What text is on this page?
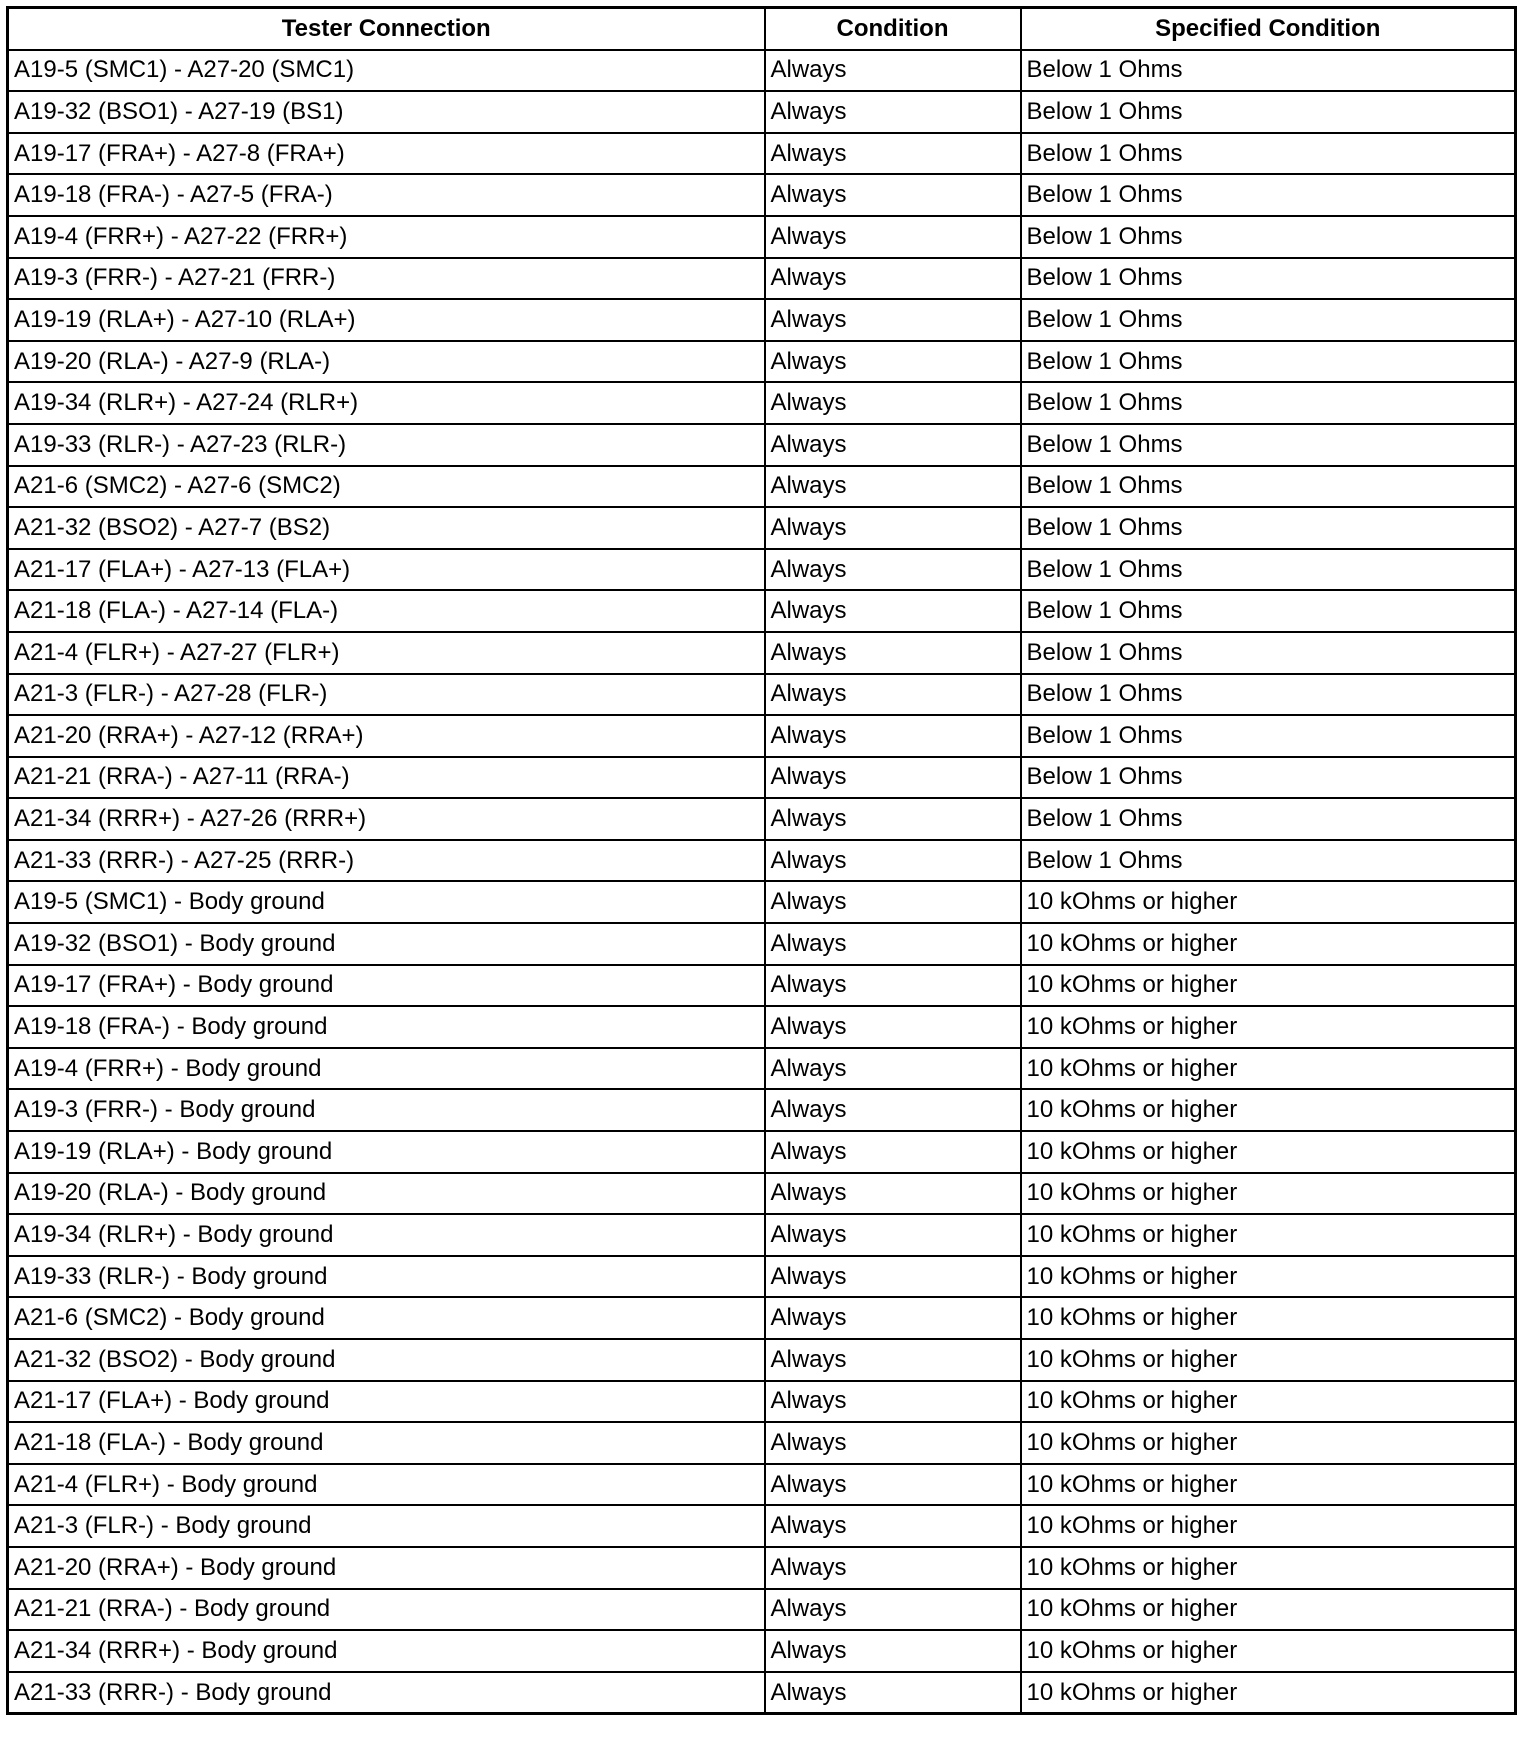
Tester Connection	Condition	Specified Condition
A19-5 (SMC1) - A27-20 (SMC1)	Always	Below 1 Ohms
A19-32 (BSO1) - A27-19 (BS1)	Always	Below 1 Ohms
A19-17 (FRA+) - A27-8 (FRA+)	Always	Below 1 Ohms
A19-18 (FRA-) - A27-5 (FRA-)	Always	Below 1 Ohms
A19-4 (FRR+) - A27-22 (FRR+)	Always	Below 1 Ohms
A19-3 (FRR-) - A27-21 (FRR-)	Always	Below 1 Ohms
A19-19 (RLA+) - A27-10 (RLA+)	Always	Below 1 Ohms
A19-20 (RLA-) - A27-9 (RLA-)	Always	Below 1 Ohms
A19-34 (RLR+) - A27-24 (RLR+)	Always	Below 1 Ohms
A19-33 (RLR-) - A27-23 (RLR-)	Always	Below 1 Ohms
A21-6 (SMC2) - A27-6 (SMC2)	Always	Below 1 Ohms
A21-32 (BSO2) - A27-7 (BS2)	Always	Below 1 Ohms
A21-17 (FLA+) - A27-13 (FLA+)	Always	Below 1 Ohms
A21-18 (FLA-) - A27-14 (FLA-)	Always	Below 1 Ohms
A21-4 (FLR+) - A27-27 (FLR+)	Always	Below 1 Ohms
A21-3 (FLR-) - A27-28 (FLR-)	Always	Below 1 Ohms
A21-20 (RRA+) - A27-12 (RRA+)	Always	Below 1 Ohms
A21-21 (RRA-) - A27-11 (RRA-)	Always	Below 1 Ohms
A21-34 (RRR+) - A27-26 (RRR+)	Always	Below 1 Ohms
A21-33 (RRR-) - A27-25 (RRR-)	Always	Below 1 Ohms
A19-5 (SMC1) - Body ground	Always	10 kOhms or higher
A19-32 (BSO1) - Body ground	Always	10 kOhms or higher
A19-17 (FRA+) - Body ground	Always	10 kOhms or higher
A19-18 (FRA-) - Body ground	Always	10 kOhms or higher
A19-4 (FRR+) - Body ground	Always	10 kOhms or higher
A19-3 (FRR-) - Body ground	Always	10 kOhms or higher
A19-19 (RLA+) - Body ground	Always	10 kOhms or higher
A19-20 (RLA-) - Body ground	Always	10 kOhms or higher
A19-34 (RLR+) - Body ground	Always	10 kOhms or higher
A19-33 (RLR-) - Body ground	Always	10 kOhms or higher
A21-6 (SMC2) - Body ground	Always	10 kOhms or higher
A21-32 (BSO2) - Body ground	Always	10 kOhms or higher
A21-17 (FLA+) - Body ground	Always	10 kOhms or higher
A21-18 (FLA-) - Body ground	Always	10 kOhms or higher
A21-4 (FLR+) - Body ground	Always	10 kOhms or higher
A21-3 (FLR-) - Body ground	Always	10 kOhms or higher
A21-20 (RRA+) - Body ground	Always	10 kOhms or higher
A21-21 (RRA-) - Body ground	Always	10 kOhms or higher
A21-34 (RRR+) - Body ground	Always	10 kOhms or higher
A21-33 (RRR-) - Body ground	Always	10 kOhms or higher
